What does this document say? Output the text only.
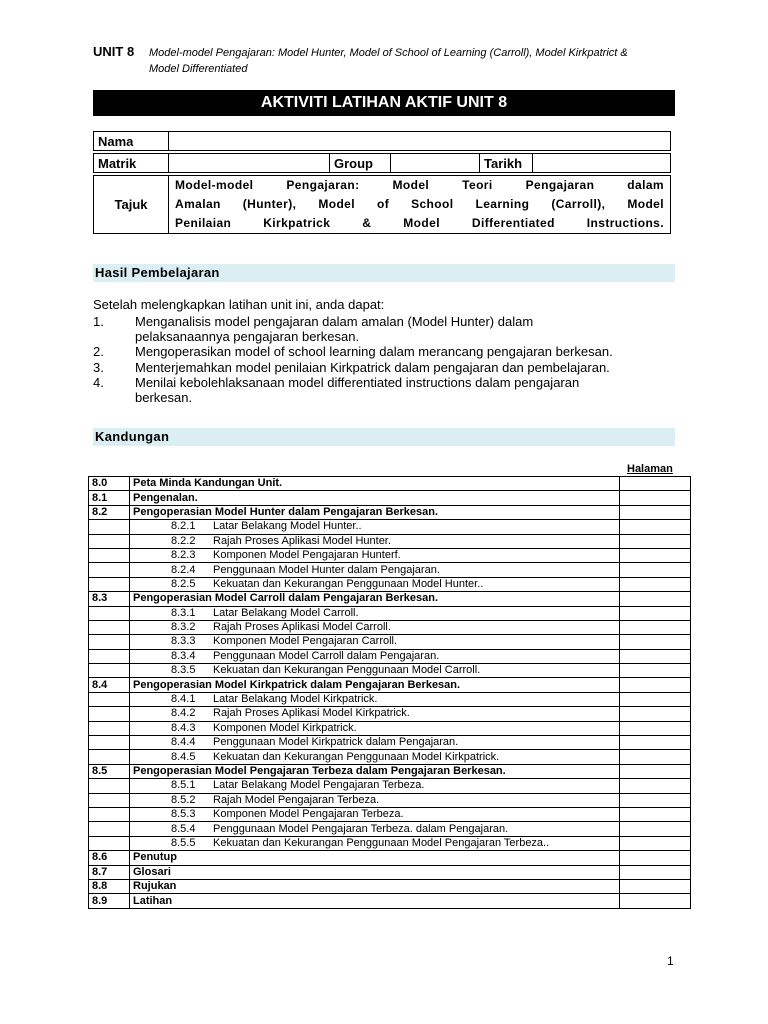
UNIT 8 Model-model Pengajaran: Model Hunter, Model of School of Learning (Carroll), Model Kirkpatrict &
Model Differentiated
AKTIVITI LATIHAN AKTIF UNIT 8
Nama	
Matrik		Group		Tarikh	
Tajuk	
Model-model Pengajaran: Model Teori Pengajaran dalam
Amalan (Hunter), Model of School Learning (Carroll), Model
Penilaian Kirkpatrick & Model Differentiated Instructions.
Hasil Pembelajaran
Setelah melengkapkan latihan unit ini, anda dapat:
1. Menganalisis model pengajaran dalam amalan (Model Hunter) dalam
pelaksanaannya pengajaran berkesan.
2. Mengoperasikan model of school learning dalam merancang pengajaran berkesan.
3. Menterjemahkan model penilaian Kirkpatrick dalam pengajaran dan pembelajaran.
4. Menilai kebolehlaksanaan model differentiated instructions dalam pengajaran
berkesan.
Kandungan
Halaman
8.0	Peta Minda Kandungan Unit.	
8.1	Pengenalan.	
8.2	Pengoperasian Model Hunter dalam Pengajaran Berkesan.	
	8.2.1 Latar Belakang Model Hunter..	
	8.2.2 Rajah Proses Aplikasi Model Hunter.	
	8.2.3 Komponen Model Pengajaran Hunterf.	
	8.2.4 Penggunaan Model Hunter dalam Pengajaran.	
	8.2.5 Kekuatan dan Kekurangan Penggunaan Model Hunter..	
8.3	Pengoperasian Model Carroll dalam Pengajaran Berkesan.	
	8.3.1 Latar Belakang Model Carroll.	
	8.3.2 Rajah Proses Aplikasi Model Carroll.	
	8.3.3 Komponen Model Pengajaran Carroll.	
	8.3.4 Penggunaan Model Carroll dalam Pengajaran.	
	8.3.5 Kekuatan dan Kekurangan Penggunaan Model Carroll.	
8.4	Pengoperasian Model Kirkpatrick dalam Pengajaran Berkesan.	
	8.4.1 Latar Belakang Model Kirkpatrick.	
	8.4.2 Rajah Proses Aplikasi Model Kirkpatrick.	
	8.4.3 Komponen Model Kirkpatrick.	
	8.4.4 Penggunaan Model Kirkpatrick dalam Pengajaran.	
	8.4.5 Kekuatan dan Kekurangan Penggunaan Model Kirkpatrick.	
8.5	Pengoperasian Model Pengajaran Terbeza dalam Pengajaran Berkesan.	
	8.5.1 Latar Belakang Model Pengajaran Terbeza.	
	8.5.2 Rajah Model Pengajaran Terbeza.	
	8.5.3 Komponen Model Pengajaran Terbeza.	
	8.5.4 Penggunaan Model Pengajaran Terbeza. dalam Pengajaran.	
	8.5.5 Kekuatan dan Kekurangan Penggunaan Model Pengajaran Terbeza..	
8.6	Penutup	
8.7	Glosari	
8.8	Rujukan	
8.9	Latihan	
1
